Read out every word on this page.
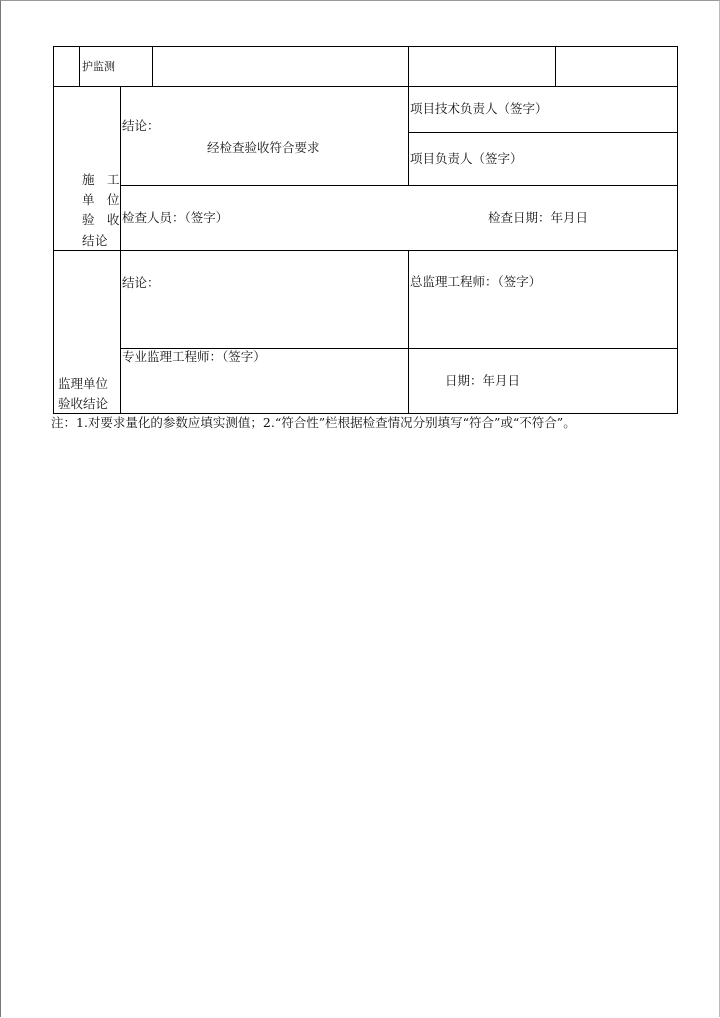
护监测
施 工
单 位
验 收
结 论
结论：
经检查验收符合要求
项目技术负责人（签字）
项目负责人（签字）
检查人员：（签字）	检查日期：年月日
监理单位
验收结论
结论：	总监理工程师：（签字）
专业监理工程师：（签字）
日期：年月日
注：1.对要求量化的参数应填实测值；2.“符合性”栏根据检查情况分别填写“符合”或“不符合”。
